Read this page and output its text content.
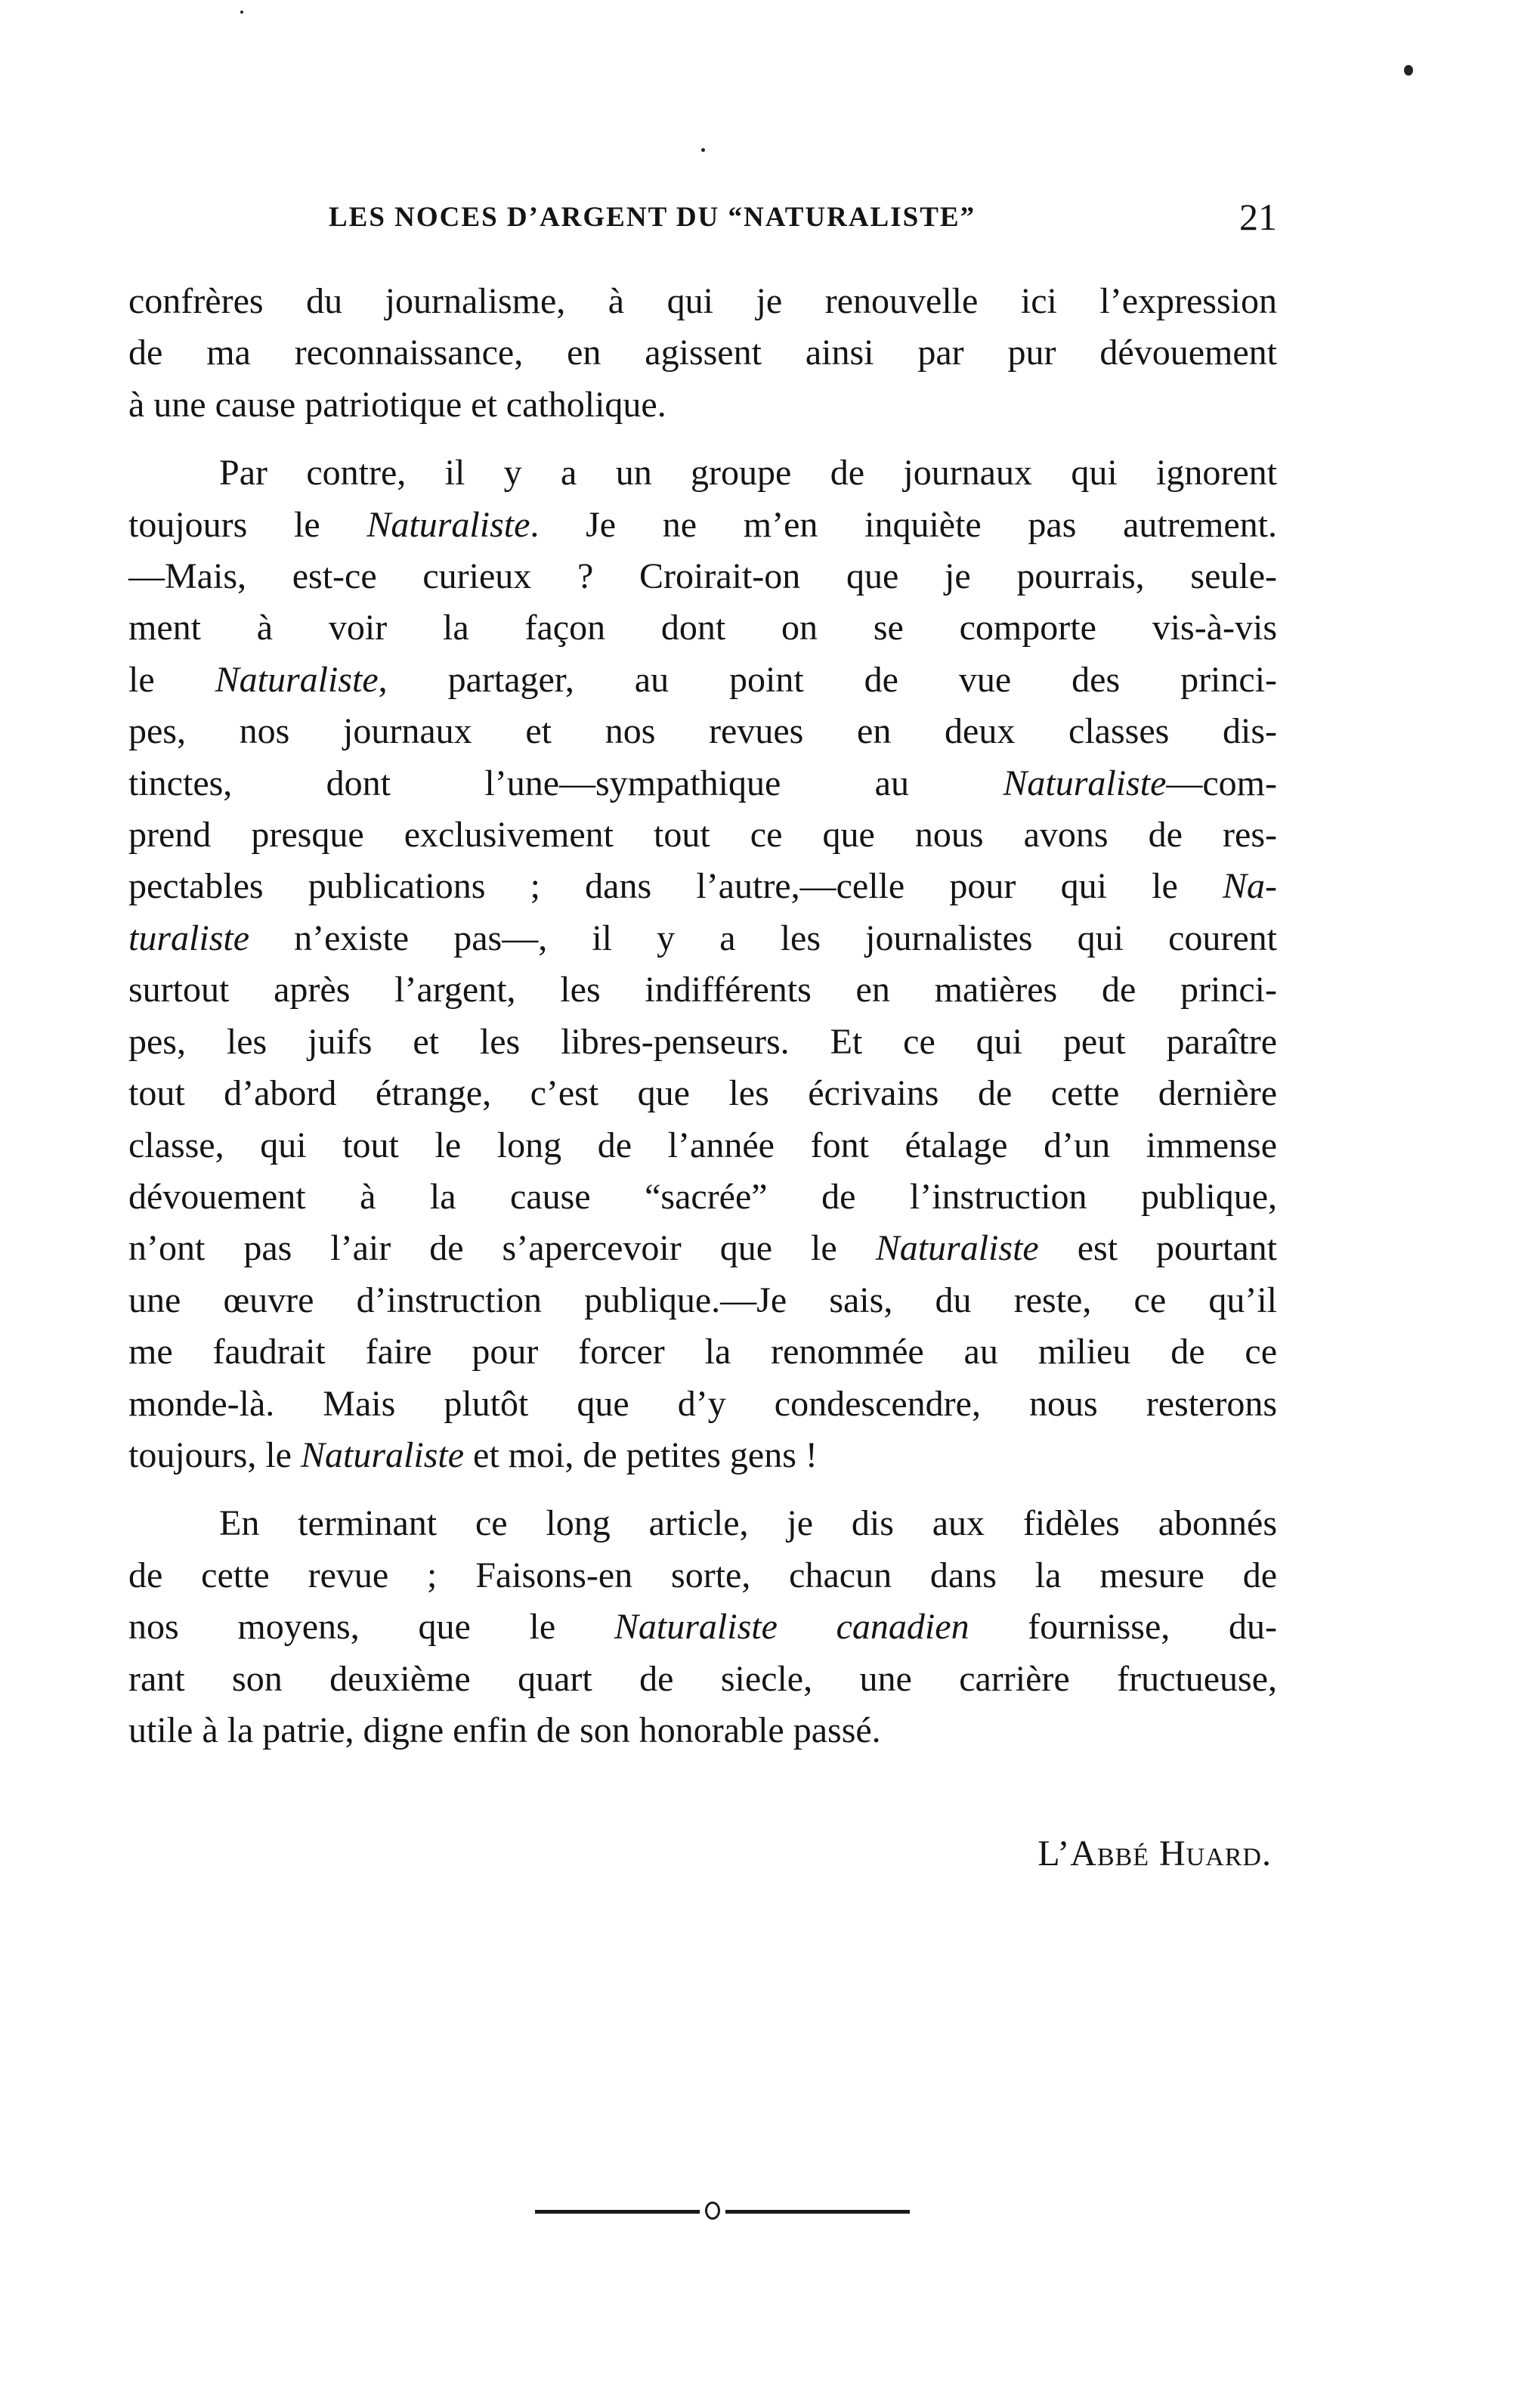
LES NOCES D’ARGENT DU “NATURALISTE”	21
confrères du journalisme, à qui je renouvelle ici l’expression
de ma reconnaissance, en agissent ainsi par pur dévouement
à une cause patriotique et catholique.
Par contre, il y a un groupe de journaux qui ignorent
toujours le Naturaliste. Je ne m’en inquiète pas autrement.
—Mais, est-ce curieux ? Croirait-on que je pourrais, seule-
ment à voir la façon dont on se comporte vis-à-vis
le Naturaliste, partager, au point de vue des princi-
pes, nos journaux et nos revues en deux classes dis-
tinctes, dont l’une—sympathique au Naturaliste—com-
prend presque exclusivement tout ce que nous avons de res-
pectables publications ; dans l’autre,—celle pour qui le Na-
turaliste n’existe pas—, il y a les journalistes qui courent
surtout après l’argent, les indifférents en matières de princi-
pes, les juifs et les libres-penseurs. Et ce qui peut paraître
tout d’abord étrange, c’est que les écrivains de cette dernière
classe, qui tout le long de l’année font étalage d’un immense
dévouement à la cause “sacrée” de l’instruction publique,
n’ont pas l’air de s’apercevoir que le Naturaliste est pourtant
une œuvre d’instruction publique.—Je sais, du reste, ce qu’il
me faudrait faire pour forcer la renommée au milieu de ce
monde-là. Mais plutôt que d’y condescendre, nous resterons
toujours, le Naturaliste et moi, de petites gens !
En terminant ce long article, je dis aux fidèles abonnés
de cette revue ; Faisons-en sorte, chacun dans la mesure de
nos moyens, que le Naturaliste canadien fournisse, du-
rant son deuxième quart de siecle, une carrière fructueuse,
utile à la patrie, digne enfin de son honorable passé.
L’Abbé Huard.
